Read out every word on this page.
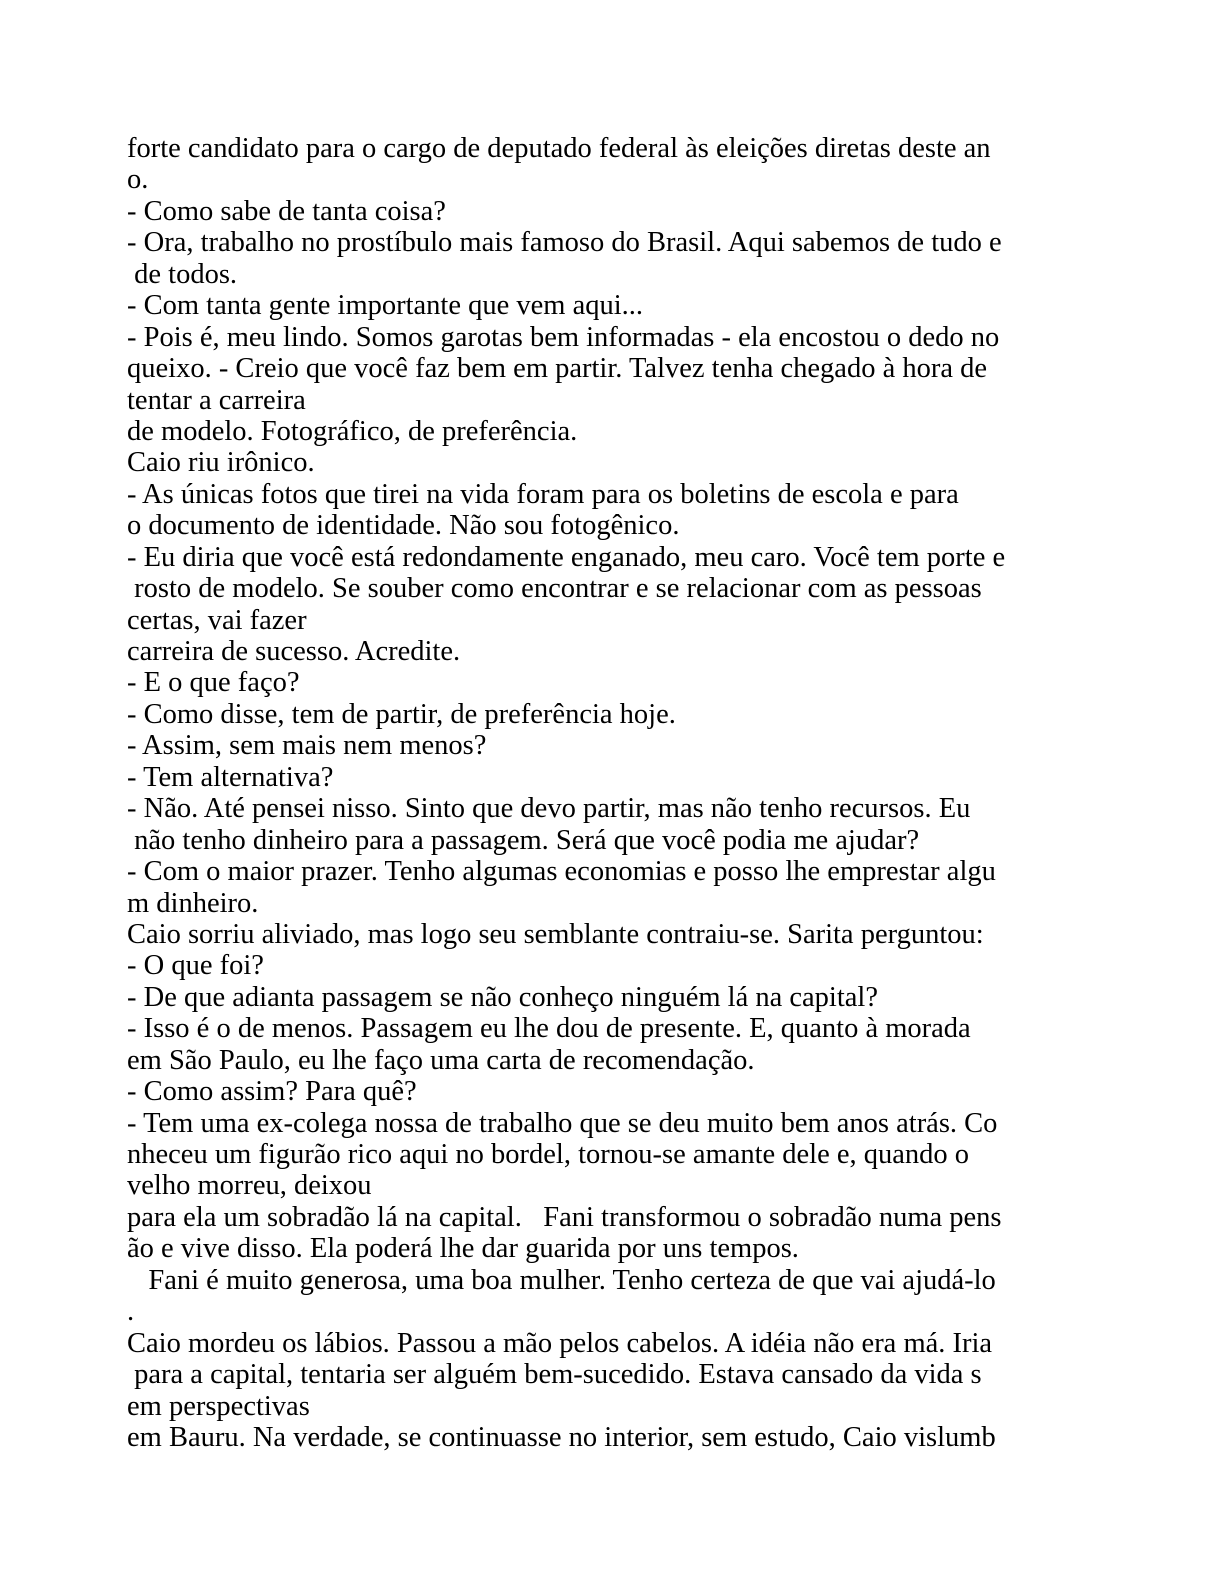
forte candidato para o cargo de deputado federal às eleições diretas deste an
o.
- Como sabe de tanta coisa?
- Ora, trabalho no prostíbulo mais famoso do Brasil. Aqui sabemos de tudo e
de todos.
- Com tanta gente importante que vem aqui...
- Pois é, meu lindo. Somos garotas bem informadas - ela encostou o dedo no
queixo. - Creio que você faz bem em partir. Talvez tenha chegado à hora de
tentar a carreira
de modelo. Fotográfico, de preferência.
Caio riu irônico.
- As únicas fotos que tirei na vida foram para os boletins de escola e para
o documento de identidade. Não sou fotogênico.
- Eu diria que você está redondamente enganado, meu caro. Você tem porte e
rosto de modelo. Se souber como encontrar e se relacionar com as pessoas
certas, vai fazer
carreira de sucesso. Acredite.
- E o que faço?
- Como disse, tem de partir, de preferência hoje.
- Assim, sem mais nem menos?
- Tem alternativa?
- Não. Até pensei nisso. Sinto que devo partir, mas não tenho recursos. Eu
não tenho dinheiro para a passagem. Será que você podia me ajudar?
- Com o maior prazer. Tenho algumas economias e posso lhe emprestar algu
m dinheiro.
Caio sorriu aliviado, mas logo seu semblante contraiu-se. Sarita perguntou:
- O que foi?
- De que adianta passagem se não conheço ninguém lá na capital?
- Isso é o de menos. Passagem eu lhe dou de presente. E, quanto à morada
em São Paulo, eu lhe faço uma carta de recomendação.
- Como assim? Para quê?
- Tem uma ex-colega nossa de trabalho que se deu muito bem anos atrás. Co
nheceu um figurão rico aqui no bordel, tornou-se amante dele e, quando o
velho morreu, deixou
para ela um sobradão lá na capital.   Fani transformou o sobradão numa pens
ão e vive disso. Ela poderá lhe dar guarida por uns tempos.
Fani é muito generosa, uma boa mulher. Tenho certeza de que vai ajudá-lo
.
Caio mordeu os lábios. Passou a mão pelos cabelos. A idéia não era má. Iria
para a capital, tentaria ser alguém bem-sucedido. Estava cansado da vida s
em perspectivas
em Bauru. Na verdade, se continuasse no interior, sem estudo, Caio vislumb
